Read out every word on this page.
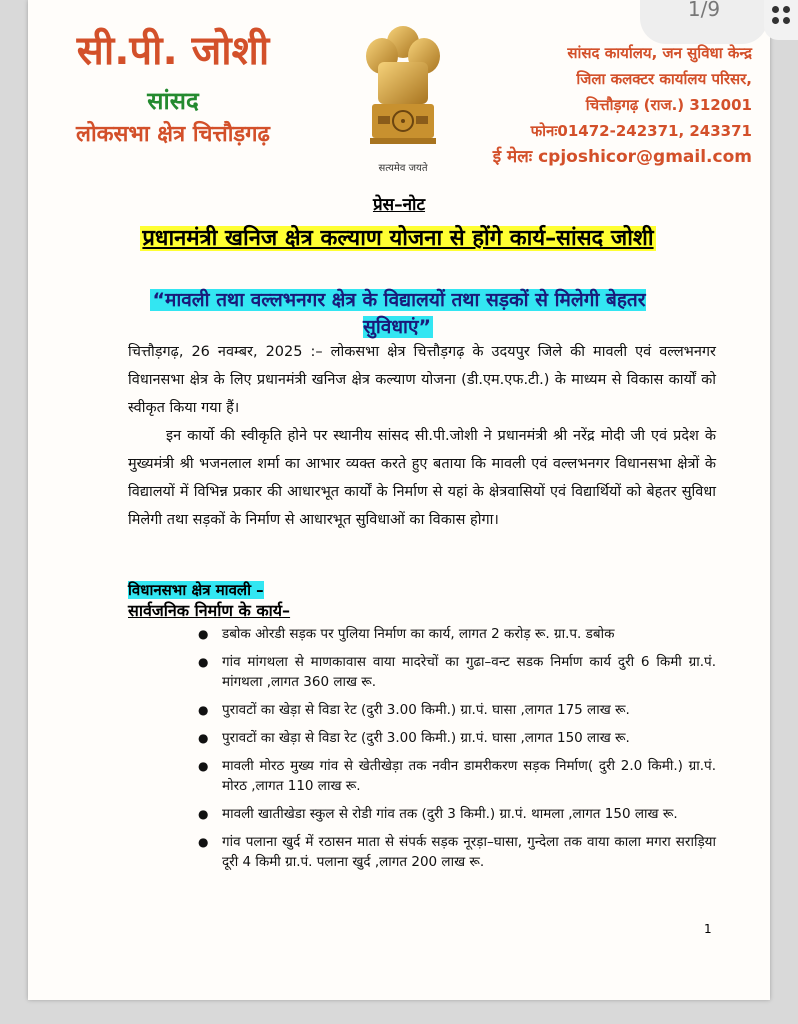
सी.पी. जोशी
सांसद
लोकसभा क्षेत्र चित्तौड़गढ़
सत्यमेव जयते
सांसद कार्यालय, जन सुविधा केन्द्र
जिला कलक्टर कार्यालय परिसर,
चित्तौड़गढ़ (राज.) 312001
फोनः01472-242371, 243371
ई मेलः cpjoshicor@gmail.com
प्रेस–नोट
प्रधानमंत्री खनिज क्षेत्र कल्याण योजना से होंगे कार्य–सांसद जोशी
“मावली तथा वल्लभनगर क्षेत्र के विद्यालयों तथा सड़कों से मिलेगी बेहतर सुविधाएं”

चित्तौड़गढ़, 26 नवम्बर, 2025 :– लोकसभा क्षेत्र चित्तौड़गढ़ के उदयपुर जिले की मावली एवं वल्लभनगर विधानसभा क्षेत्र के लिए प्रधानमंत्री खनिज क्षेत्र कल्याण योजना (डी.एम.एफ.टी.) के माध्यम से विकास कार्यों को स्वीकृत किया गया हैं।

इन कार्यो की स्वीकृति होने पर स्थानीय सांसद सी.पी.जोशी ने प्रधानमंत्री श्री नरेंद्र मोदी जी एवं प्रदेश के मुख्यमंत्री श्री भजनलाल शर्मा का आभार व्यक्त करते हुए बताया कि मावली एवं वल्लभनगर विधानसभा क्षेत्रों के विद्यालयों में विभिन्न प्रकार की आधारभूत कार्यों के निर्माण से यहां के क्षेत्रवासियों एवं विद्यार्थियों को बेहतर सुविधा मिलेगी तथा सड़कों के निर्माण से आधारभूत सुविधाओं का विकास होगा।

विधानसभा क्षेत्र मावली –
सार्वजनिक निर्माण के कार्य–
● डबोक ओरडी सड़क पर पुलिया निर्माण का कार्य, लागत 2 करोड़ रू. ग्रा.प. डबोक
● गांव मांगथला से माणकावास वाया मादरेचों का गुढा–वन्ट सडक निर्माण कार्य दुरी 6 किमी ग्रा.पं. मांगथला ,लागत 360 लाख रू.
● पुरावटों का खेड़ा से विडा रेट (दुरी 3.00 किमी.) ग्रा.पं. घासा ,लागत 175 लाख रू.
● पुरावटों का खेड़ा से विडा रेट (दुरी 3.00 किमी.) ग्रा.पं. घासा ,लागत 150 लाख रू.
● मावली मोरठ मुख्य गांव से खेतीखेड़ा तक नवीन डामरीकरण सड़क निर्माण( दुरी 2.0 किमी.) ग्रा.पं. मोरठ ,लागत 110 लाख रू.
● मावली खातीखेडा स्कुल से रोडी गांव तक (दुरी 3 किमी.) ग्रा.पं. थामला ,लागत 150 लाख रू.
● गांव पलाना खुर्द में रठासन माता से संपर्क सड़क नूरड़ा–घासा, गुन्देला तक वाया काला मगरा सराड़िया दूरी 4 किमी ग्रा.पं. पलाना खुर्द ,लागत 200 लाख रू.
1
1/9
